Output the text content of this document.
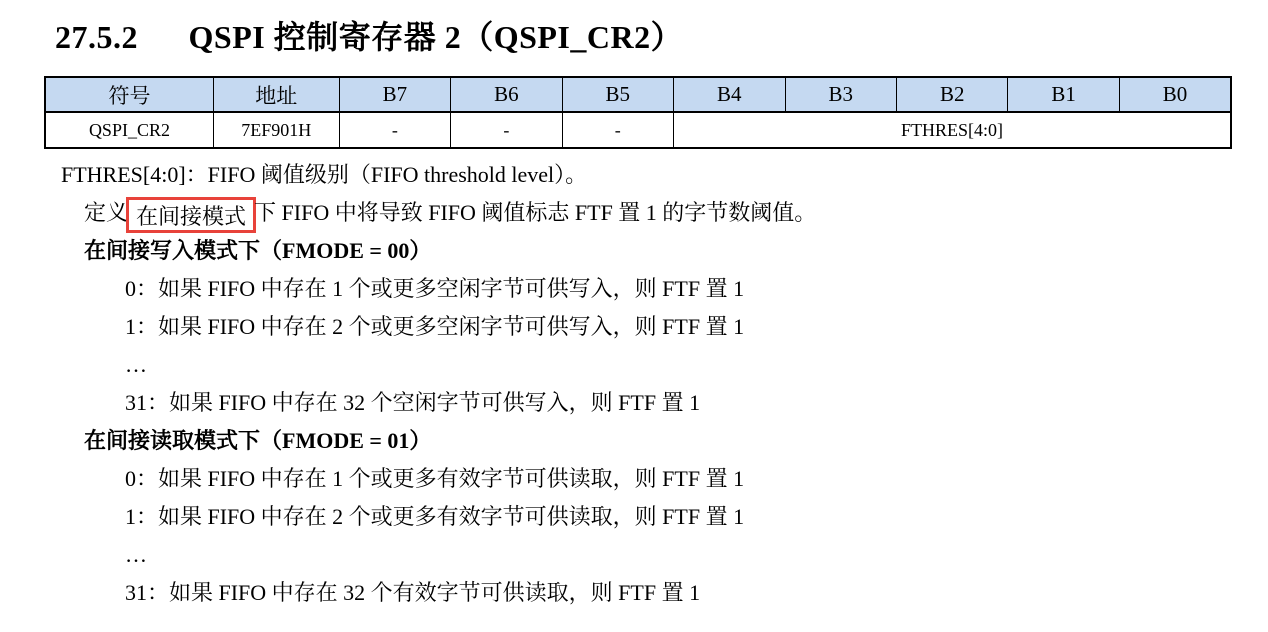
27.5.2 QSPI 控制寄存器 2（QSPI_CR2）
符号	地址	B7	B6	B5	B4	B3	B2	B1	B0
QSPI_CR2	7EF901H	-	-	-	FTHRES[4:0]				
FTHRES[4:0]：FIFO 阈值级别（FIFO threshold level）。
定义 在间接模式 下 FIFO 中将导致 FIFO 阈值标志 FTF 置 1 的字节数阈值。
在间接写入模式下（FMODE = 00）
0：如果 FIFO 中存在 1 个或更多空闲字节可供写入，则 FTF 置 1
1：如果 FIFO 中存在 2 个或更多空闲字节可供写入，则 FTF 置 1
…
31：如果 FIFO 中存在 32 个空闲字节可供写入，则 FTF 置 1
在间接读取模式下（FMODE = 01）
0：如果 FIFO 中存在 1 个或更多有效字节可供读取，则 FTF 置 1
1：如果 FIFO 中存在 2 个或更多有效字节可供读取，则 FTF 置 1
…
31：如果 FIFO 中存在 32 个有效字节可供读取，则 FTF 置 1
